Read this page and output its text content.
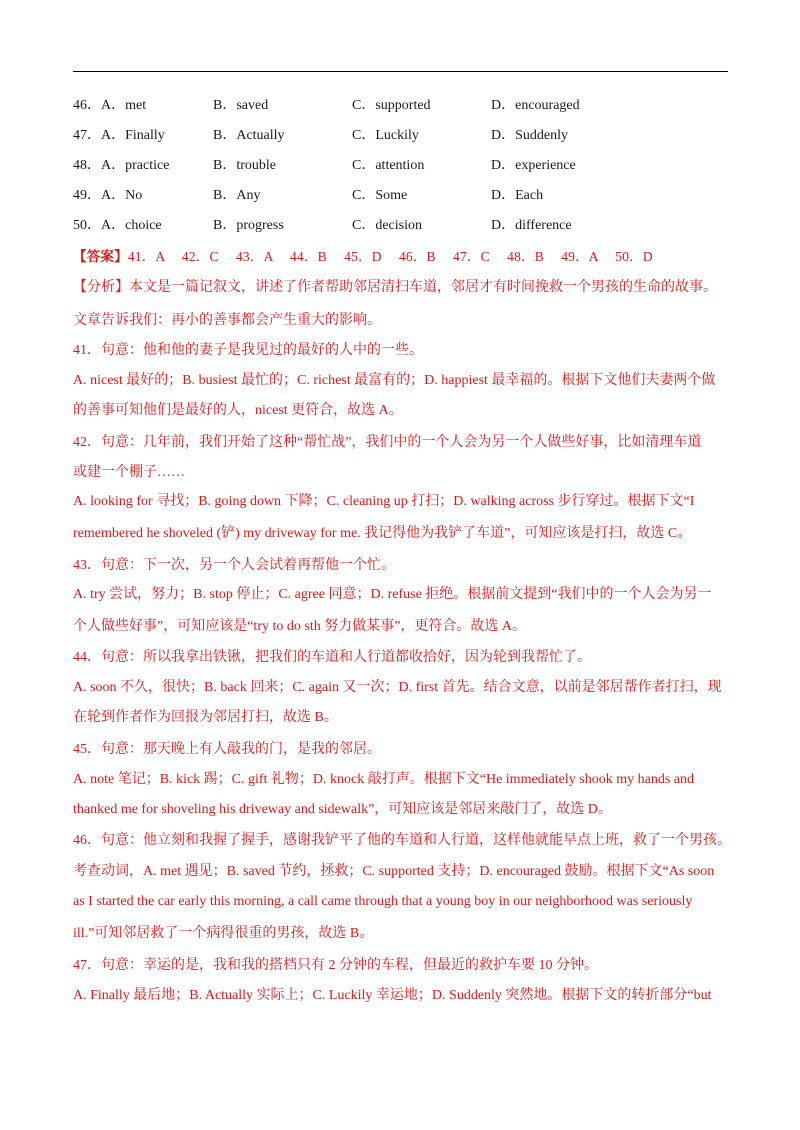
46．A．met	B．saved	C．supported	D．encouraged
47．A．Finally	B．Actually	C．Luckily	D．Suddenly
48．A．practice	B．trouble	C．attention	D．experience
49．A．No	B．Any	C．Some	D．Each
50．A．choice	B．progress	C．decision	D．difference
【答案】41．A　 42．C　 43．A　 44．B　 45．D　 46．B　 47．C　 48．B　 49．A　 50．D
【分析】本文是一篇记叙文，讲述了作者帮助邻居清扫车道，邻居才有时间挽救一个男孩的生命的故事。
文章告诉我们：再小的善事都会产生重大的影响。
41．句意：他和他的妻子是我见过的最好的人中的一些。
A. nicest 最好的；B. busiest 最忙的；C. richest 最富有的；D. happiest 最幸福的。根据下文他们夫妻两个做
的善事可知他们是最好的人，nicest 更符合，故选 A。
42．句意：几年前，我们开始了这种“帮忙战”，我们中的一个人会为另一个人做些好事，比如清理车道
或建一个棚子……
A. looking for 寻找；B. going down 下降；C. cleaning up 打扫；D. walking across 步行穿过。根据下文“I
remembered he shoveled (铲) my driveway for me. 我记得他为我铲了车道”，可知应该是打扫，故选 C。
43．句意：下一次，另一个人会试着再帮他一个忙。
A. try 尝试，努力；B. stop 停止；C. agree 同意；D. refuse 拒绝。根据前文提到“我们中的一个人会为另一
个人做些好事”，可知应该是“try to do sth 努力做某事”，更符合。故选 A。
44．句意：所以我拿出铁锹，把我们的车道和人行道都收拾好，因为轮到我帮忙了。
A. soon 不久，很快；B. back 回来；C. again 又一次；D. first 首先。结合文意，以前是邻居帮作者打扫，现
在轮到作者作为回报为邻居打扫，故选 B。
45．句意：那天晚上有人敲我的门，是我的邻居。
A. note 笔记；B. kick 踢；C. gift 礼物；D. knock 敲打声。根据下文“He immediately shook my hands and
thanked me for shoveling his driveway and sidewalk”，可知应该是邻居来敲门了，故选 D。
46．句意：他立刻和我握了握手，感谢我铲平了他的车道和人行道，这样他就能早点上班，救了一个男孩。
考查动词，A. met 遇见；B. saved 节约，拯救；C. supported 支持；D. encouraged 鼓励。根据下文“As soon
as I started the car early this morning, a call came through that a young boy in our neighborhood was seriously
ill.”可知邻居救了一个病得很重的男孩，故选 B。
47．句意：幸运的是，我和我的搭档只有 2 分钟的车程，但最近的救护车要 10 分钟。
A. Finally 最后地；B. Actually 实际上；C. Luckily 幸运地；D. Suddenly 突然地。根据下文的转折部分“but
